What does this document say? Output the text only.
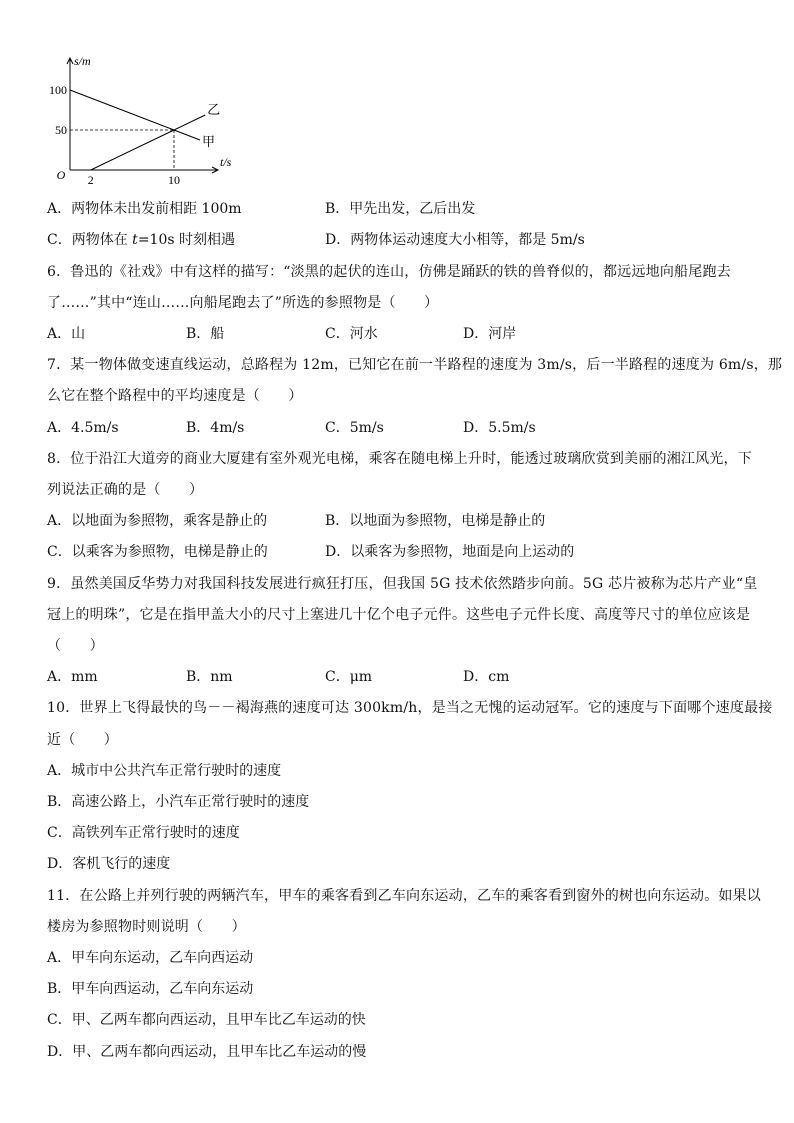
甲
乙
100
50
2	10
O
s/m
t/s
A．两物体未出发前相距 100m	B．甲先出发，乙后出发
C．两物体在 t=10s 时刻相遇	D．两物体运动速度大小相等，都是 5m/s
6．鲁迅的《社戏》中有这样的描写：“淡黑的起伏的连山，仿佛是踊跃的铁的兽脊似的，都远远地向船尾跑去
了……”其中“连山……向船尾跑去了”所选的参照物是（　　）
A．山	B．船	C．河水	D．河岸
7．某一物体做变速直线运动，总路程为 12m，已知它在前一半路程的速度为 3m/s，后一半路程的速度为 6m/s，那
么它在整个路程中的平均速度是（　　）
A．4.5m/s	B．4m/s	C．5m/s	D．5.5m/s
8．位于沿江大道旁的商业大厦建有室外观光电梯，乘客在随电梯上升时，能透过玻璃欣赏到美丽的湘江风光，下
列说法正确的是（　　）
A．以地面为参照物，乘客是静止的	B．以地面为参照物，电梯是静止的
C．以乘客为参照物，电梯是静止的	D．以乘客为参照物，地面是向上运动的
9．虽然美国反华势力对我国科技发展进行疯狂打压，但我国 5G 技术依然踏步向前。5G 芯片被称为芯片产业“皇
冠上的明珠”，它是在指甲盖大小的尺寸上塞进几十亿个电子元件。这些电子元件长度、高度等尺寸的单位应该是
（　　）
A．mm	B．nm	C．μm	D．cm
10．世界上飞得最快的鸟－－褐海燕的速度可达 300km/h，是当之无愧的运动冠军。它的速度与下面哪个速度最接
近（　　）
A．城市中公共汽车正常行驶时的速度
B．高速公路上，小汽车正常行驶时的速度
C．高铁列车正常行驶时的速度
D．客机飞行的速度
11．在公路上并列行驶的两辆汽车，甲车的乘客看到乙车向东运动，乙车的乘客看到窗外的树也向东运动。如果以
楼房为参照物时则说明（　　）
A．甲车向东运动，乙车向西运动
B．甲车向西运动，乙车向东运动
C．甲、乙两车都向西运动，且甲车比乙车运动的快
D．甲、乙两车都向西运动，且甲车比乙车运动的慢
